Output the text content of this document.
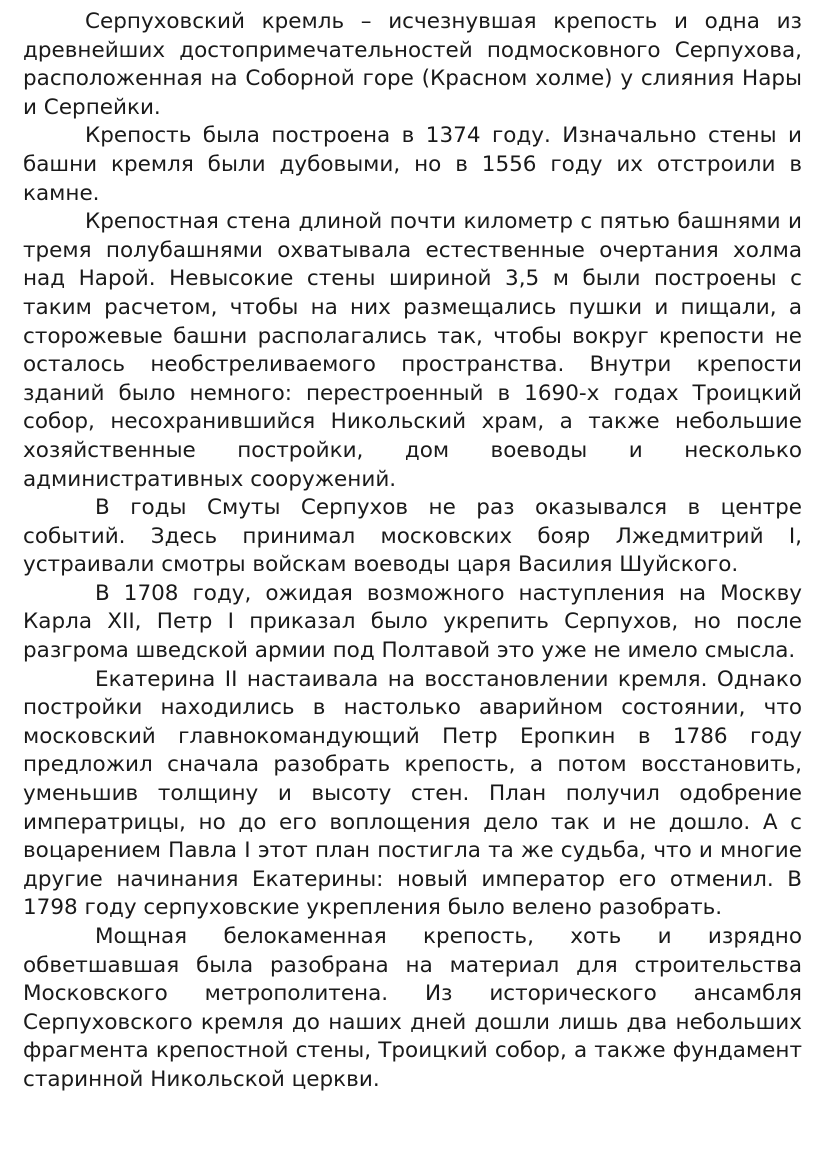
Серпуховский кремль – исчезнувшая крепость и одна из древнейших достопримечательностей подмосковного Серпухова, расположенная на Соборной горе (Красном холме) у слияния Нары и Серпейки.

Крепость была построена в 1374 году. Изначально стены и башни кремля были дубовыми, но в 1556 году их отстроили в камне.

Крепостная стена длиной почти километр с пятью башнями и тремя полубашнями охватывала естественные очертания холма над Нарой. Невысокие стены шириной 3,5 м были построены с таким расчетом, чтобы на них размещались пушки и пищали, а сторожевые башни располагались так, чтобы вокруг крепости не осталось необстреливаемого пространства. Внутри крепости зданий было немного: перестроенный в 1690-х годах Троицкий собор, несохранившийся Никольский храм, а также небольшие хозяйственные постройки, дом воеводы и несколько административных сооружений.

В годы Смуты Серпухов не раз оказывался в центре событий. Здесь принимал московских бояр Лжедмитрий I, устраивали смотры войскам воеводы царя Василия Шуйского.

В 1708 году, ожидая возможного наступления на Москву Карла XII, Петр I приказал было укрепить Серпухов, но после разгрома шведской армии под Полтавой это уже не имело смысла.

Екатерина II настаивала на восстановлении кремля. Однако постройки находились в настолько аварийном состоянии, что московский главнокомандующий Петр Еропкин в 1786 году предложил сначала разобрать крепость, а потом восстановить, уменьшив толщину и высоту стен. План получил одобрение императрицы, но до его воплощения дело так и не дошло. А с воцарением Павла I этот план постигла та же судьба, что и многие другие начинания Екатерины: новый император его отменил. В 1798 году серпуховские укрепления было велено разобрать.

Мощная белокаменная крепость, хоть и изрядно обветшавшая была разобрана на материал для строительства Московского метрополитена. Из исторического ансамбля Серпуховского кремля до наших дней дошли лишь два небольших фрагмента крепостной стены, Троицкий собор, а также фундамент старинной Никольской церкви.
